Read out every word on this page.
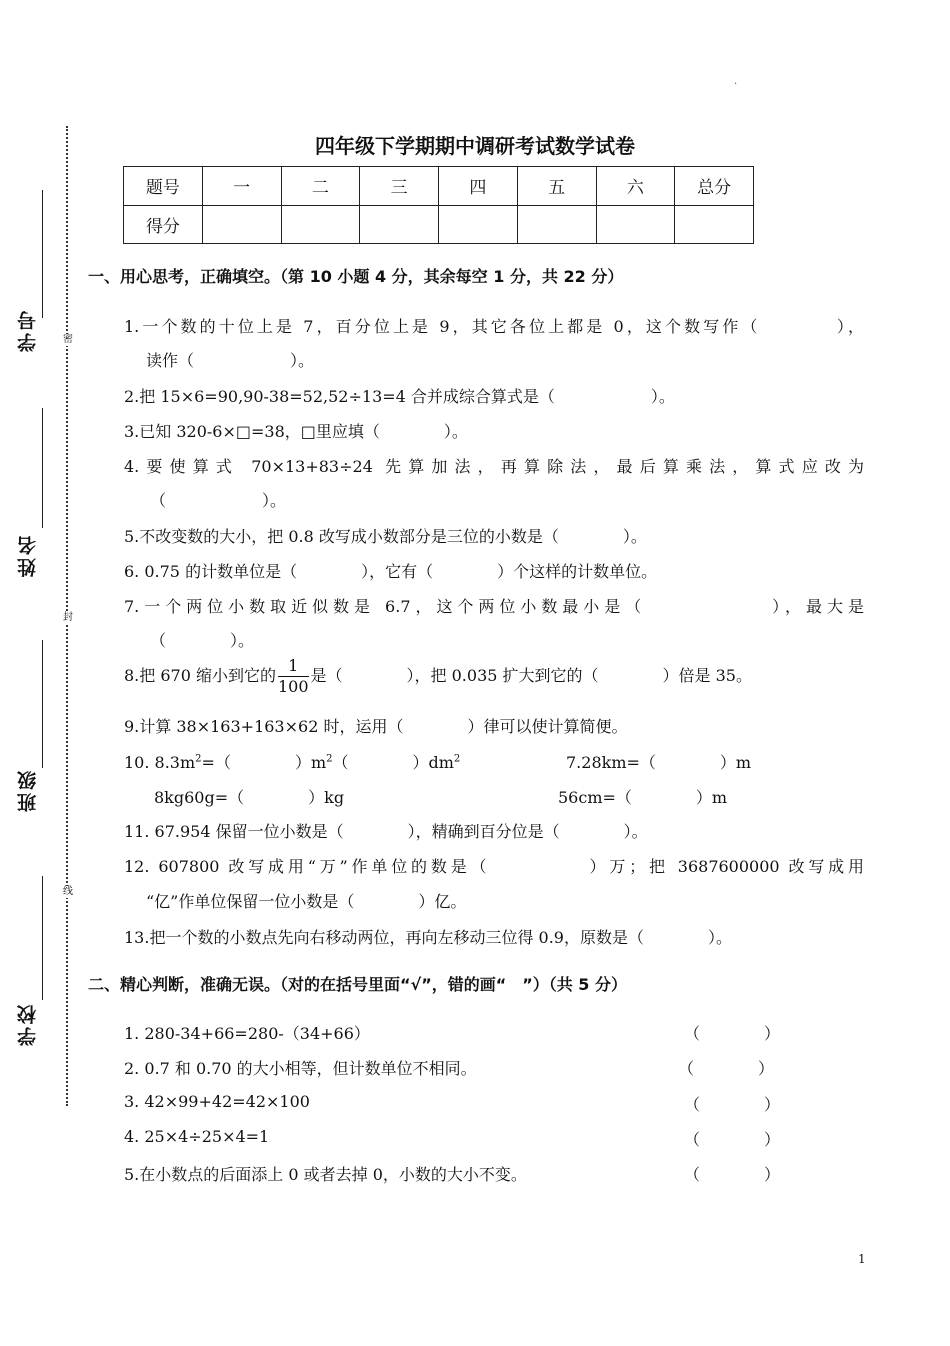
.
密
封
线
学号
姓名
班级
学校
四年级下学期期中调研考试数学试卷
题号	一	二	三	四	五	六	总分
得分							
一、用心思考，正确填空。（第 10 小题 4 分，其余每空 1 分，共 22 分）
1.一个数的十位上是 7，百分位上是 9，其它各位上都是 0，这个数写作（　　　　），
读作（　　　　　　）。
2.把 15×6=90,90-38=52,52÷13=4 合并成综合算式是（　　　　　　）。
3.已知 320-6×□=38，□里应填（　　　　）。
4.要使算式 70×13+83÷24 先算加法，再算除法，最后算乘法，算式应改为
（　　　　　　）。
5.不改变数的大小，把 0.8 改写成小数部分是三位的小数是（　　　　）。
6. 0.75 的计数单位是（　　　　），它有（　　　　）个这样的计数单位。
7.一个两位小数取近似数是 6.7，这个两位小数最小是（　　　　　　），最大是
（　　　　）。
8.把 670 缩小到它的 $\frac{1}{100}$ 是（　　　　），把 0.035 扩大到它的（　　　　）倍是 35。
9.计算 38×163+163×62 时，运用（　　　　）律可以使计算简便。
10. $8.3m^2=$（　　　　）$m^2$（　　　　）$dm^2$	7.28km=（　　　　）m
8kg60g=（　　　　）kg	56cm=（　　　　）m
11. 67.954 保留一位小数是（　　　　），精确到百分位是（　　　　）。
12. 607800 改写成用“万”作单位的数是（　　　　　）万；把 3687600000 改写成用
“亿”作单位保留一位小数是（　　　　）亿。
13.把一个数的小数点先向右移动两位，再向左移动三位得 0.9，原数是（　　　　）。
二、精心判断，准确无误。（对的在括号里面“√”，错的画“　”）（共 5 分）
1. 280-34+66=280-（34+66）	（　　　　）
2. 0.7 和 0.70 的大小相等，但计数单位不相同。	（　　　　）
3. 42×99+42=42×100	（　　　　）
4. 25×4÷25×4=1	（　　　　）
5.在小数点的后面添上 0 或者去掉 0，小数的大小不变。	（　　　　）
1
